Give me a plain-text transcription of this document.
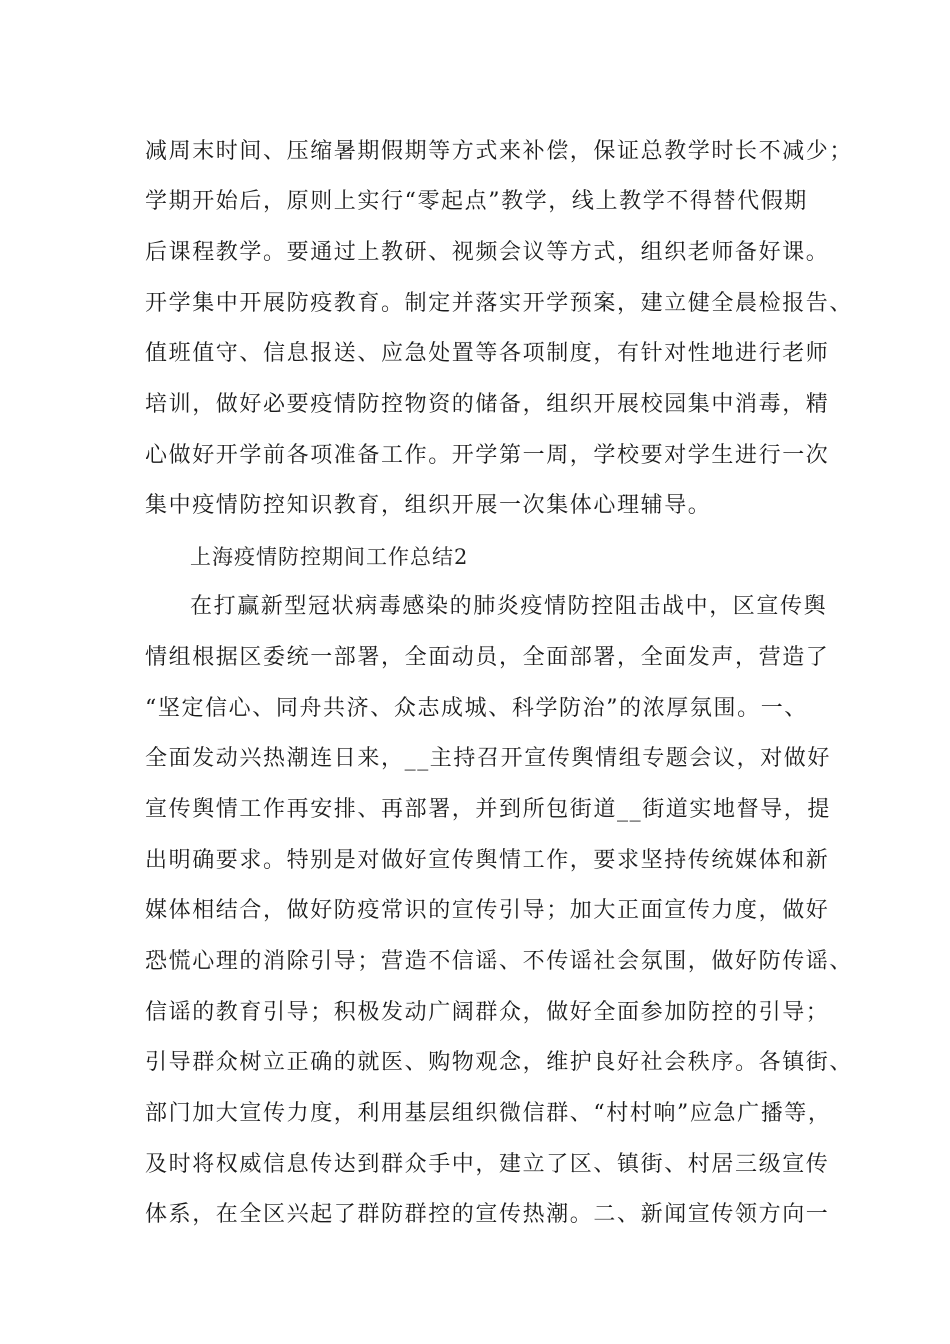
减周末时间、压缩暑期假期等方式来补偿，保证总教学时长不减少；
学期开始后，原则上实行“零起点”教学，线上教学不得替代假期
后课程教学。要通过上教研、视频会议等方式，组织老师备好课。
开学集中开展防疫教育。制定并落实开学预案，建立健全晨检报告、
值班值守、信息报送、应急处置等各项制度，有针对性地进行老师
培训，做好必要疫情防控物资的储备，组织开展校园集中消毒，精
心做好开学前各项准备工作。开学第一周，学校要对学生进行一次
集中疫情防控知识教育，组织开展一次集体心理辅导。
上海疫情防控期间工作总结2
在打赢新型冠状病毒感染的肺炎疫情防控阻击战中，区宣传舆
情组根据区委统一部署，全面动员，全面部署，全面发声，营造了
“坚定信心、同舟共济、众志成城、科学防治”的浓厚氛围。一、
全面发动兴热潮连日来，__主持召开宣传舆情组专题会议，对做好
宣传舆情工作再安排、再部署，并到所包街道__街道实地督导，提
出明确要求。特别是对做好宣传舆情工作，要求坚持传统媒体和新
媒体相结合，做好防疫常识的宣传引导；加大正面宣传力度，做好
恐慌心理的消除引导；营造不信谣、不传谣社会氛围，做好防传谣、
信谣的教育引导；积极发动广阔群众，做好全面参加防控的引导；
引导群众树立正确的就医、购物观念，维护良好社会秩序。各镇街、
部门加大宣传力度，利用基层组织微信群、“村村响”应急广播等，
及时将权威信息传达到群众手中，建立了区、镇街、村居三级宣传
体系，在全区兴起了群防群控的宣传热潮。二、新闻宣传领方向一
